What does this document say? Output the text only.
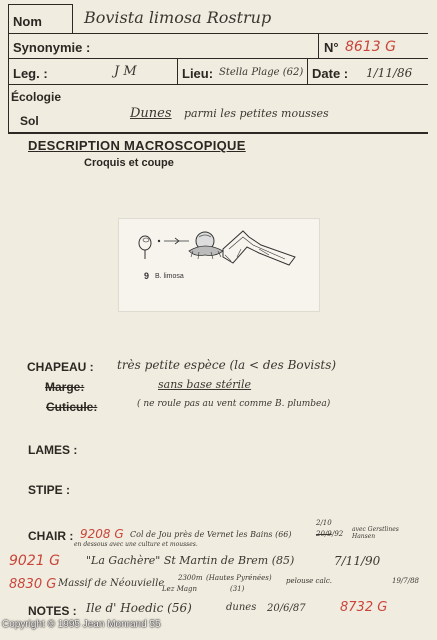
Nom	Bovista limosa Rostrup
Synonymie :	N° 8613 G
Leg. :	J M	Lieu: Stella Plage (62) Date : 1/11/86
Écologie
Sol	Dunes parmi les petites mousses
DESCRIPTION MACROSCOPIQUE
Croquis et coupe
9 B. limosa
CHAPEAU : très petite espèce (la < des Bovists)
Marge:	sans base stérile
Cuticule:	( ne roule pas au vent comme B. plumbea)
LAMES :
STIPE :
CHAIR : 9208 G Col de Jou près de Vernet les Bains (66)
2/10
20/9 /92
avec Gerstlines Hansen
en dessous avec une culture et mousses.
9021 G "La Gachère" St Martin de Brem (85)	7/11/90
8830 G Massif de Néouvielle 2300m (Hautes Pyrénées)
Lez Magn	(31)
pelouse calc.	19/7/88
NOTES : Ile d' Hoedic (56)	dunes 20/6/87	8732 G
Copyright © 1995 Jean Monrand 55
